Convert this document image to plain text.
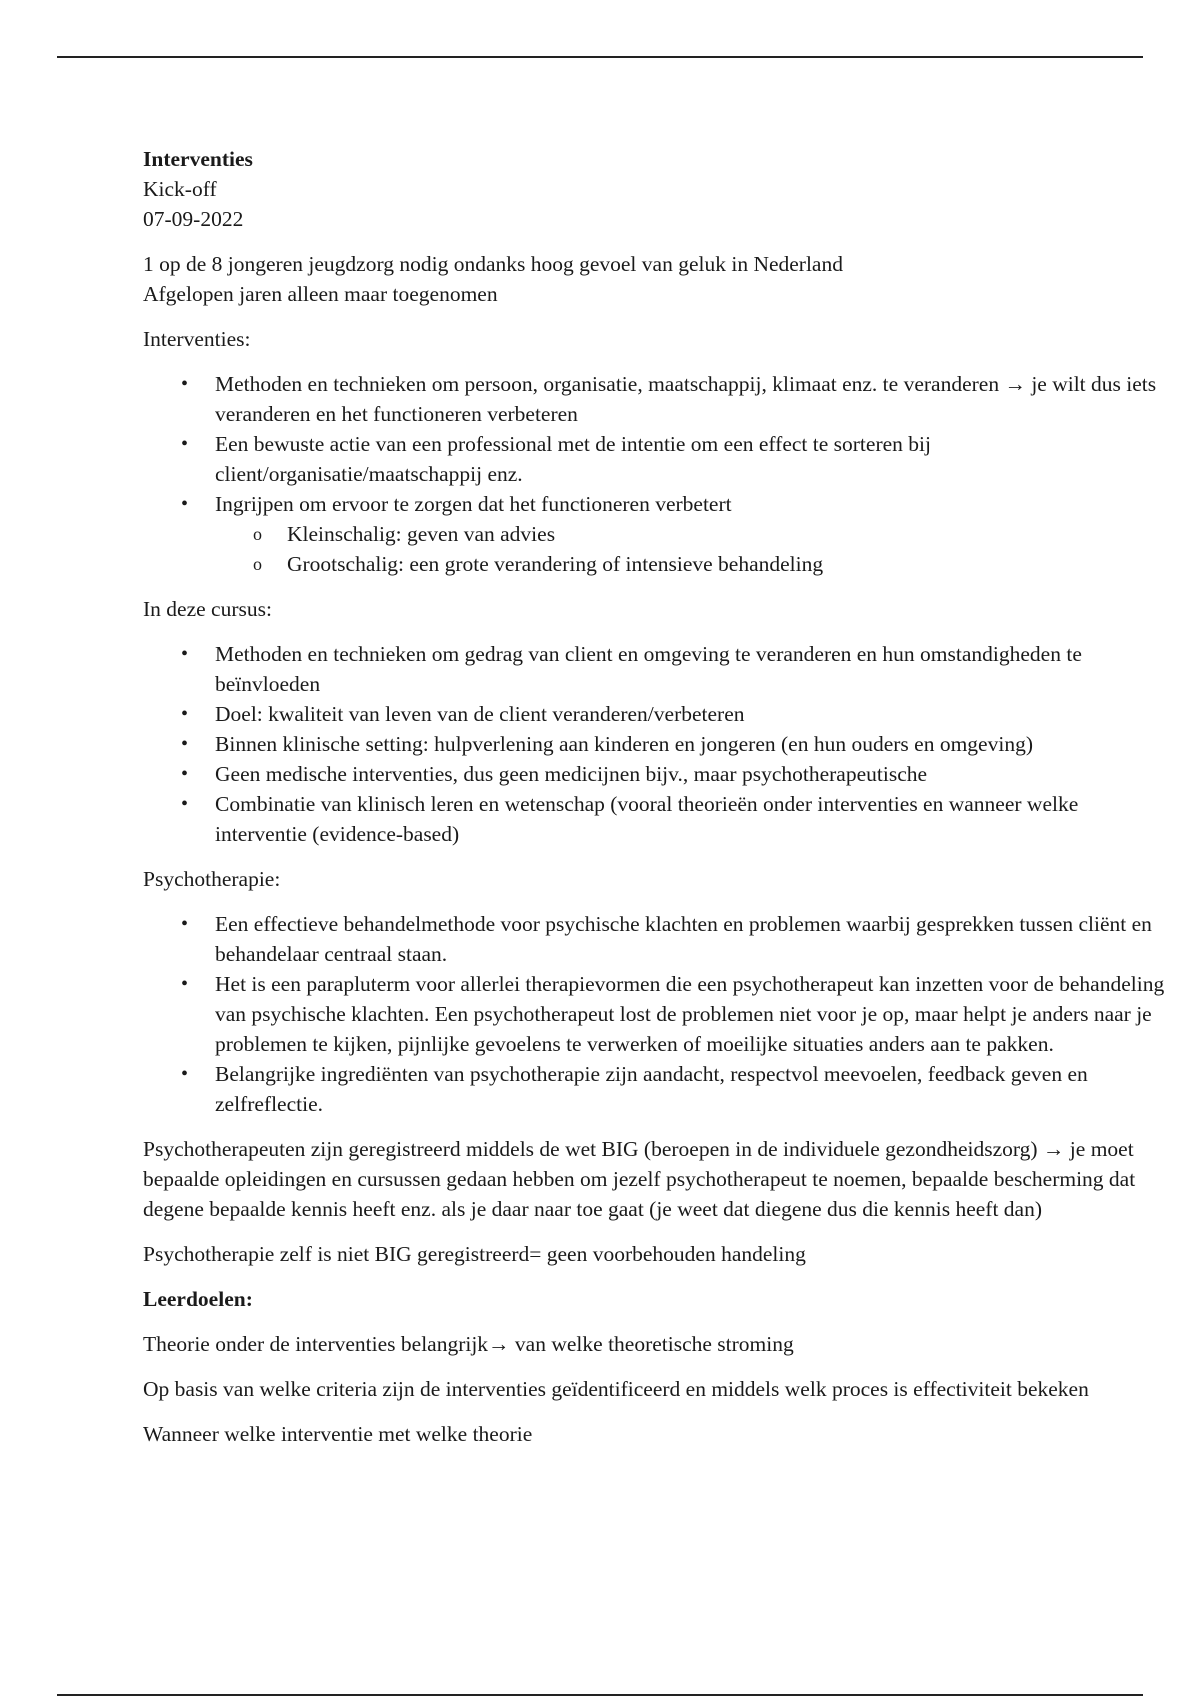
Interventies

Kick-off

07-09-2022

1 op de 8 jongeren jeugdzorg nodig ondanks hoog gevoel van geluk in Nederland

Afgelopen jaren alleen maar toegenomen

Interventies:

• Methoden en technieken om persoon, organisatie, maatschappij, klimaat enz. te veranderen → je wilt dus iets veranderen en het functioneren verbeteren
• Een bewuste actie van een professional met de intentie om een effect te sorteren bij client/organisatie/maatschappij enz.
• Ingrijpen om ervoor te zorgen dat het functioneren verbetert
o Kleinschalig: geven van advies
o Grootschalig: een grote verandering of intensieve behandeling

In deze cursus:

• Methoden en technieken om gedrag van client en omgeving te veranderen en hun omstandigheden te beïnvloeden
• Doel: kwaliteit van leven van de client veranderen/verbeteren
• Binnen klinische setting: hulpverlening aan kinderen en jongeren (en hun ouders en omgeving)
• Geen medische interventies, dus geen medicijnen bijv., maar psychotherapeutische
• Combinatie van klinisch leren en wetenschap (vooral theorieën onder interventies en wanneer welke interventie (evidence-based)

Psychotherapie:

• Een effectieve behandelmethode voor psychische klachten en problemen waarbij gesprekken tussen cliënt en behandelaar centraal staan.
• Het is een parapluterm voor allerlei therapievormen die een psychotherapeut kan inzetten voor de behandeling van psychische klachten. Een psychotherapeut lost de problemen niet voor je op, maar helpt je anders naar je problemen te kijken, pijnlijke gevoelens te verwerken of moeilijke situaties anders aan te pakken.
• Belangrijke ingrediënten van psychotherapie zijn aandacht, respectvol meevoelen, feedback geven en zelfreflectie.

Psychotherapeuten zijn geregistreerd middels de wet BIG (beroepen in de individuele gezondheidszorg) → je moet bepaalde opleidingen en cursussen gedaan hebben om jezelf psychotherapeut te noemen, bepaalde bescherming dat degene bepaalde kennis heeft enz. als je daar naar toe gaat (je weet dat diegene dus die kennis heeft dan)

Psychotherapie zelf is niet BIG geregistreerd= geen voorbehouden handeling

Leerdoelen:

Theorie onder de interventies belangrijk→ van welke theoretische stroming

Op basis van welke criteria zijn de interventies geïdentificeerd en middels welk proces is effectiviteit bekeken

Wanneer welke interventie met welke theorie
